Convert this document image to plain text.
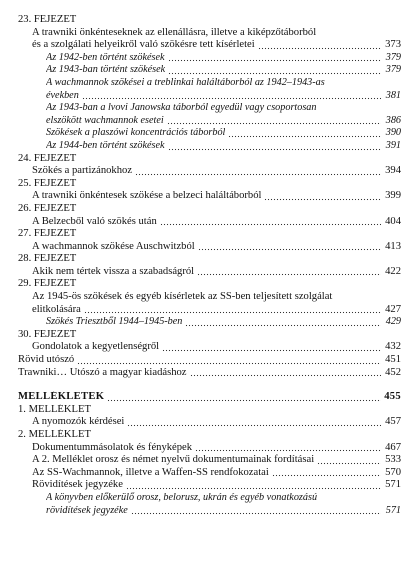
23. FEJEZET
A trawniki önkénteseknek az ellenállásra, illetve a kiképzőtáborból
és a szolgálati helyeikről való szökésre tett kísérletei	373
Az 1942-ben történt szökések	379
Az 1943-ban történt szökések	379
A wachmannok szökései a treblinkai haláltáborból az 1942–1943-as
években	381
Az 1943-ban a lvovi Janowska táborból egyedül vagy csoportosan
elszökött wachmannok esetei	386
Szökések a plaszówi koncentrációs táborból	390
Az 1944-ben történt szökések	391
24. FEJEZET
Szökés a partizánokhoz	394
25. FEJEZET
A trawniki önkéntesek szökése a belzeci haláltáborból	399
26. FEJEZET
A Belzecből való szökés után	404
27. FEJEZET
A wachmannok szökése Auschwitzból	413
28. FEJEZET
Akik nem tértek vissza a szabadságról	422
29. FEJEZET
Az 1945-ös szökések és egyéb kísérletek az SS-ben teljesített szolgálat
elitkolására	427
Szökés Triesztből 1944–1945-ben	429
30. FEJEZET
Gondolatok a kegyetlenségről	432
Rövid utószó	451
Trawniki… Utószó a magyar kiadáshoz	452
MELLÉKLETEK	455
1. MELLÉKLET
A nyomozók kérdései	457
2. MELLÉKLET
Dokumentummásolatok és fényképek	467
A 2. Melléklet orosz és német nyelvű dokumentumainak fordításai	533
Az SS-Wachmannok, illetve a Waffen-SS rendfokozatai	570
Rövidítések jegyzéke	571
A könyvben előkerülő orosz, belorusz, ukrán és egyéb vonatkozású
rövidítések jegyzéke	571
